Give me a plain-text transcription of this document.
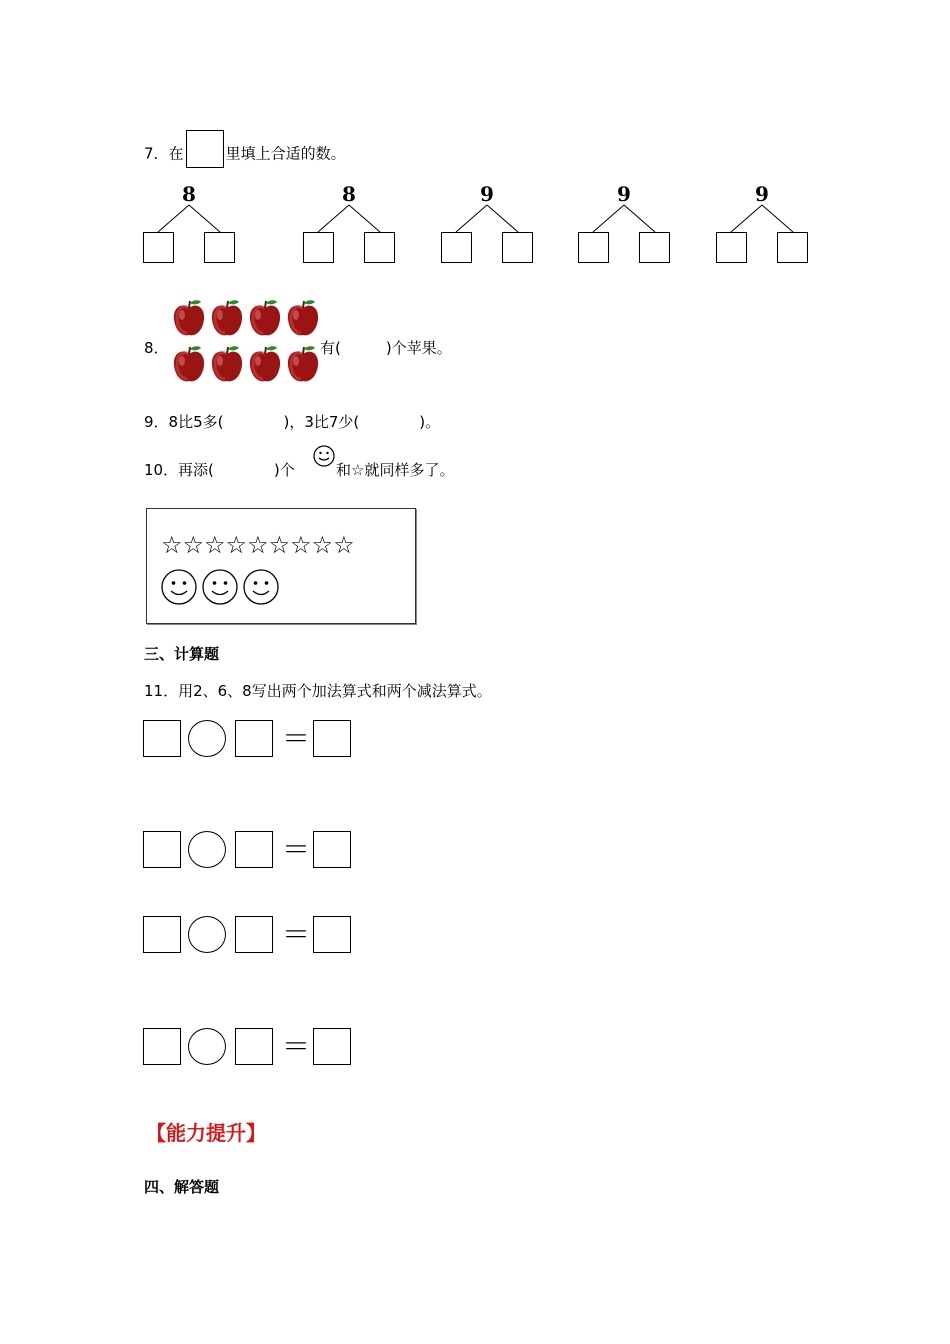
7．在	里填上合适的数。
8	8	9	9	9
8．	有(　　　)个苹果。
9．8比5多(　　　　)，3比7少(　　　　)。
10． 再添(　　　　)个	和☆就同样多了。
☆☆☆☆☆☆☆☆☆
三、计算题
11．用2、6、8写出两个加法算式和两个减法算式。
＝
＝
＝
＝
【能力提升】
四、解答题
